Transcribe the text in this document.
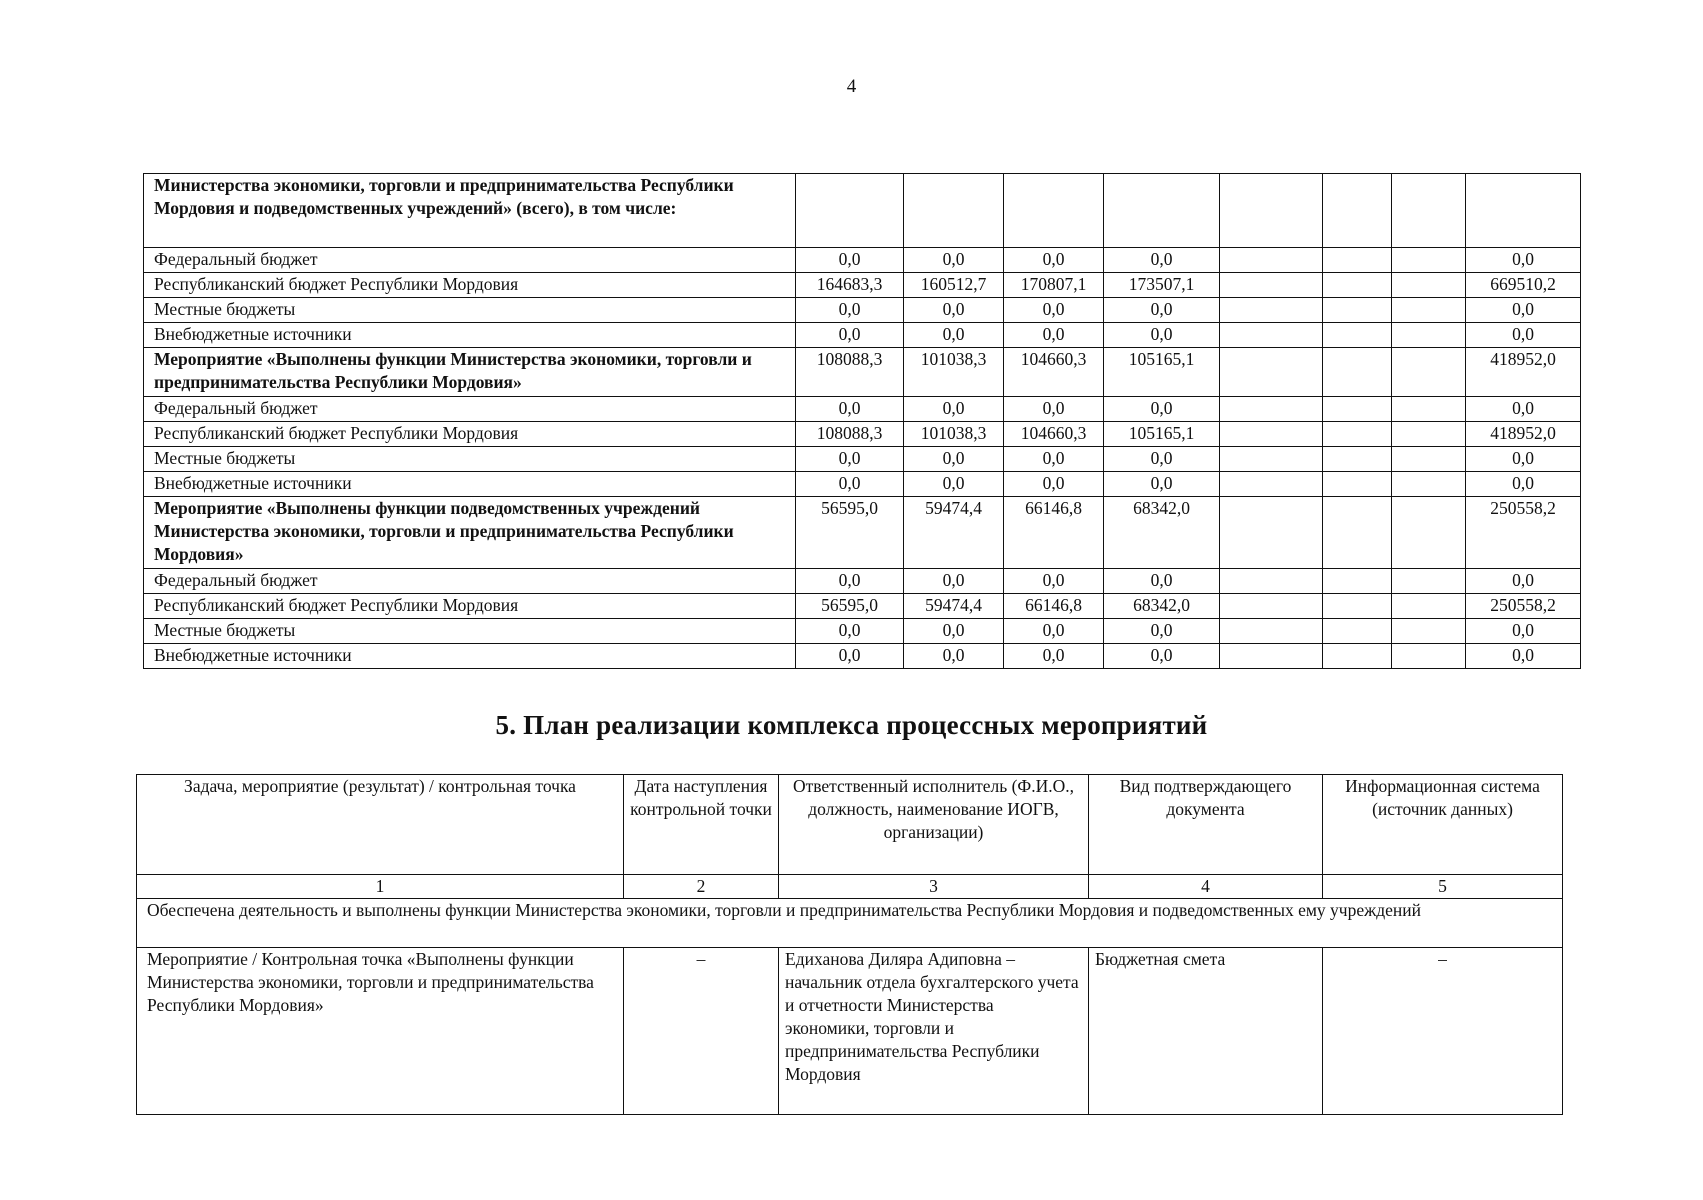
4
Министерства экономики, торговли и предпринимательства Республики Мордовия и подведомственных учреждений» (всего), в том числе:								
Федеральный бюджет	0,0	0,0	0,0	0,0				0,0
Республиканский бюджет Республики Мордовия	164683,3	160512,7	170807,1	173507,1				669510,2
Местные бюджеты	0,0	0,0	0,0	0,0				0,0
Внебюджетные источники	0,0	0,0	0,0	0,0				0,0
Мероприятие «Выполнены функции Министерства экономики, торговли и предпринимательства Республики Мордовия»	108088,3	101038,3	104660,3	105165,1				418952,0
Федеральный бюджет	0,0	0,0	0,0	0,0				0,0
Республиканский бюджет Республики Мордовия	108088,3	101038,3	104660,3	105165,1				418952,0
Местные бюджеты	0,0	0,0	0,0	0,0				0,0
Внебюджетные источники	0,0	0,0	0,0	0,0				0,0
Мероприятие «Выполнены функции подведомственных учреждений Министерства экономики, торговли и предпринимательства Республики Мордовия»	56595,0	59474,4	66146,8	68342,0				250558,2
Федеральный бюджет	0,0	0,0	0,0	0,0				0,0
Республиканский бюджет Республики Мордовия	56595,0	59474,4	66146,8	68342,0				250558,2
Местные бюджеты	0,0	0,0	0,0	0,0				0,0
Внебюджетные источники	0,0	0,0	0,0	0,0				0,0
5. План реализации комплекса процессных мероприятий
Задача, мероприятие (результат) / контрольная точка	Дата наступления контрольной точки	Ответственный исполнитель (Ф.И.О., должность, наименование ИОГВ, организации)	Вид подтверждающего документа	Информационная система (источник данных)
1	2	3	4	5
Обеспечена деятельность и выполнены функции Министерства экономики, торговли и предпринимательства Республики Мордовия и подведомственных ему учреждений				
Мероприятие / Контрольная точка «Выполнены функции Министерства экономики, торговли и предпринимательства Республики Мордовия»	–	Едиханова Диляра Адиповна – начальник отдела бухгалтерского учета и отчетности Министерства экономики, торговли и предпринимательства Республики Мордовия	Бюджетная смета	–
